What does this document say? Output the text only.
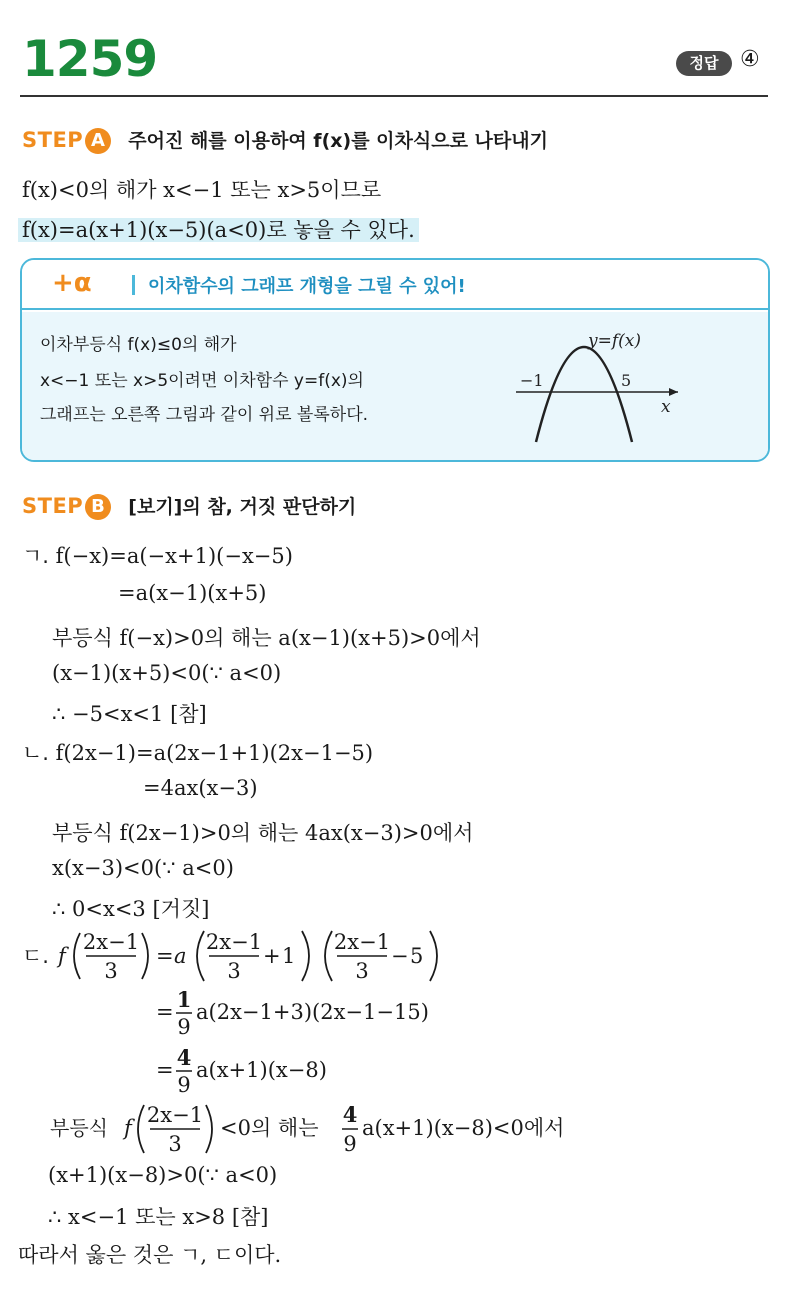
1259	정답 ④
STEP A 주어진 해를 이용하여 f(x)를 이차식으로 나타내기
f(x)<0의 해가 x<−1 또는 x>5이므로
f(x)=a(x+1)(x−5)(a<0)로 놓을 수 있다.
+α	이차함수의 그래프 개형을 그릴 수 있어!
이차부등식 f(x)≤0의 해가
x<−1 또는 x>5이려면 이차함수 y=f(x)의
그래프는 오른쪽 그림과 같이 위로 볼록하다.
y=f(x)
−1	5
x
STEP B [보기]의 참, 거짓 판단하기
ㄱ. f(−x)=a(−x+1)(−x−5)
=a(x−1)(x+5)
부등식 f(−x)>0의 해는 a(x−1)(x+5)>0에서
(x−1)(x+5)<0(∵ a<0)
∴ −5<x<1 [참]
ㄴ. f(2x−1)=a(2x−1+1)(2x−1−5)
=4ax(x−3)
부등식 f(2x−1)>0의 해는 4ax(x−3)>0에서
x(x−3)<0(∵ a<0)
∴ 0<x<3 [거짓]
ㄷ. f
2x−1
3
= a
2x−1
3
+ 1
2x−1
3
− 5
= 1
9
a(2x−1+3)(2x−1−15)
= 4
9
a(x+1)(x−8)
부등식 f
2x−1
3
<0의 해는
4
9
a(x+1)(x−8)<0에서
(x+1)(x−8)>0(∵ a<0)
∴ x<−1 또는 x>8 [참]
따라서 옳은 것은 ㄱ, ㄷ이다.
